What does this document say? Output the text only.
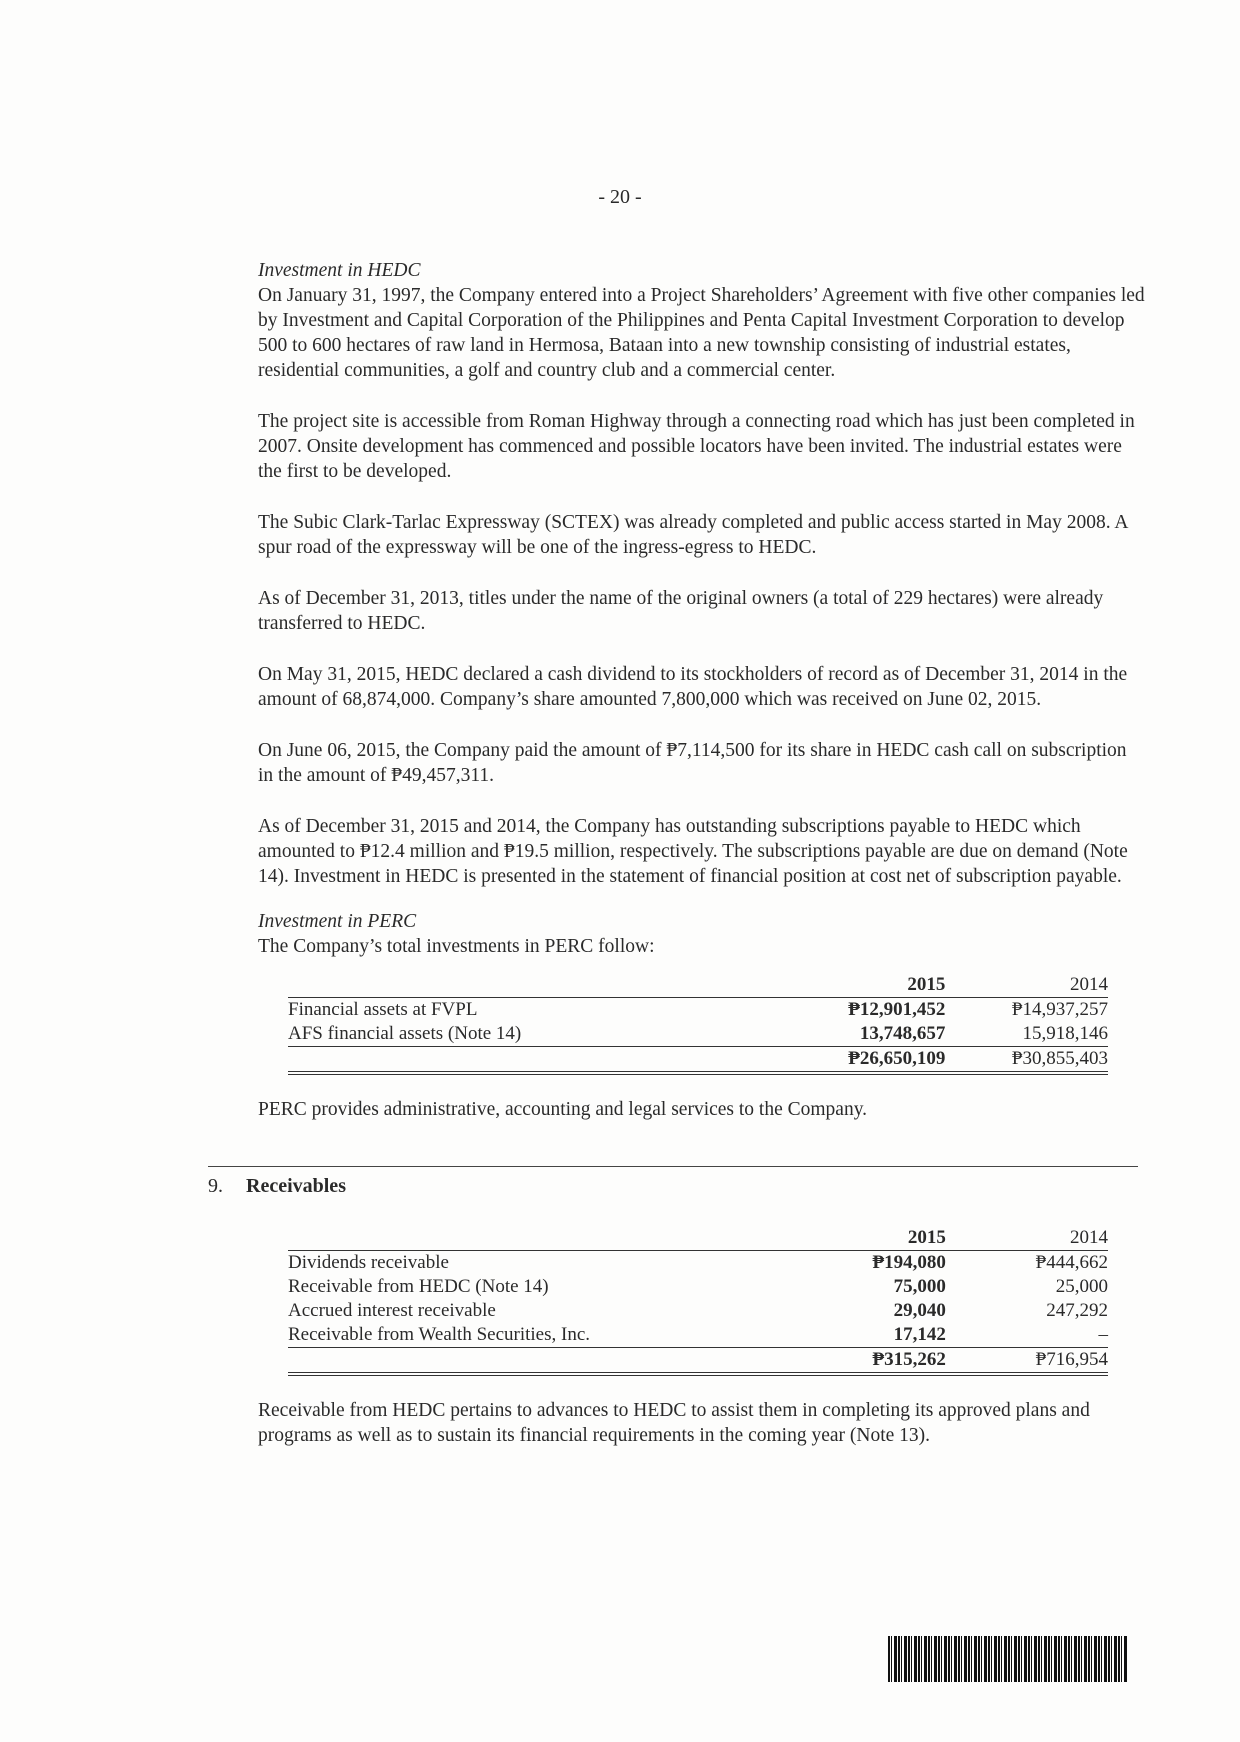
- 20 -
Investment in HEDC

On January 31, 1997, the Company entered into a Project Shareholders’ Agreement with five other companies led by Investment and Capital Corporation of the Philippines and Penta Capital Investment Corporation to develop 500 to 600 hectares of raw land in Hermosa, Bataan into a new township consisting of industrial estates, residential communities, a golf and country club and a commercial center.

The project site is accessible from Roman Highway through a connecting road which has just been completed in 2007. Onsite development has commenced and possible locators have been invited. The industrial estates were the first to be developed.

The Subic Clark-Tarlac Expressway (SCTEX) was already completed and public access started in May 2008. A spur road of the expressway will be one of the ingress-egress to HEDC.

As of December 31, 2013, titles under the name of the original owners (a total of 229 hectares) were already transferred to HEDC.

On May 31, 2015, HEDC declared a cash dividend to its stockholders of record as of December 31, 2014 in the amount of 68,874,000. Company’s share amounted 7,800,000 which was received on June 02, 2015.

On June 06, 2015, the Company paid the amount of ₱7,114,500 for its share in HEDC cash call on subscription in the amount of ₱49,457,311.

As of December 31, 2015 and 2014, the Company has outstanding subscriptions payable to HEDC which amounted to ₱12.4 million and ₱19.5 million, respectively. The subscriptions payable are due on demand (Note 14). Investment in HEDC is presented in the statement of financial position at cost net of subscription payable.

Investment in PERC

The Company’s total investments in PERC follow:

	2015	2014
Financial assets at FVPL	₱12,901,452	₱14,937,257
AFS financial assets (Note 14)	13,748,657	15,918,146
	₱26,650,109	₱30,855,403

PERC provides administrative, accounting and legal services to the Company.

9. Receivables
	2015	2014
Dividends receivable	₱194,080	₱444,662
Receivable from HEDC (Note 14)	75,000	25,000
Accrued interest receivable	29,040	247,292
Receivable from Wealth Securities, Inc.	17,142	–
	₱315,262	₱716,954

Receivable from HEDC pertains to advances to HEDC to assist them in completing its approved plans and programs as well as to sustain its financial requirements in the coming year (Note 13).
